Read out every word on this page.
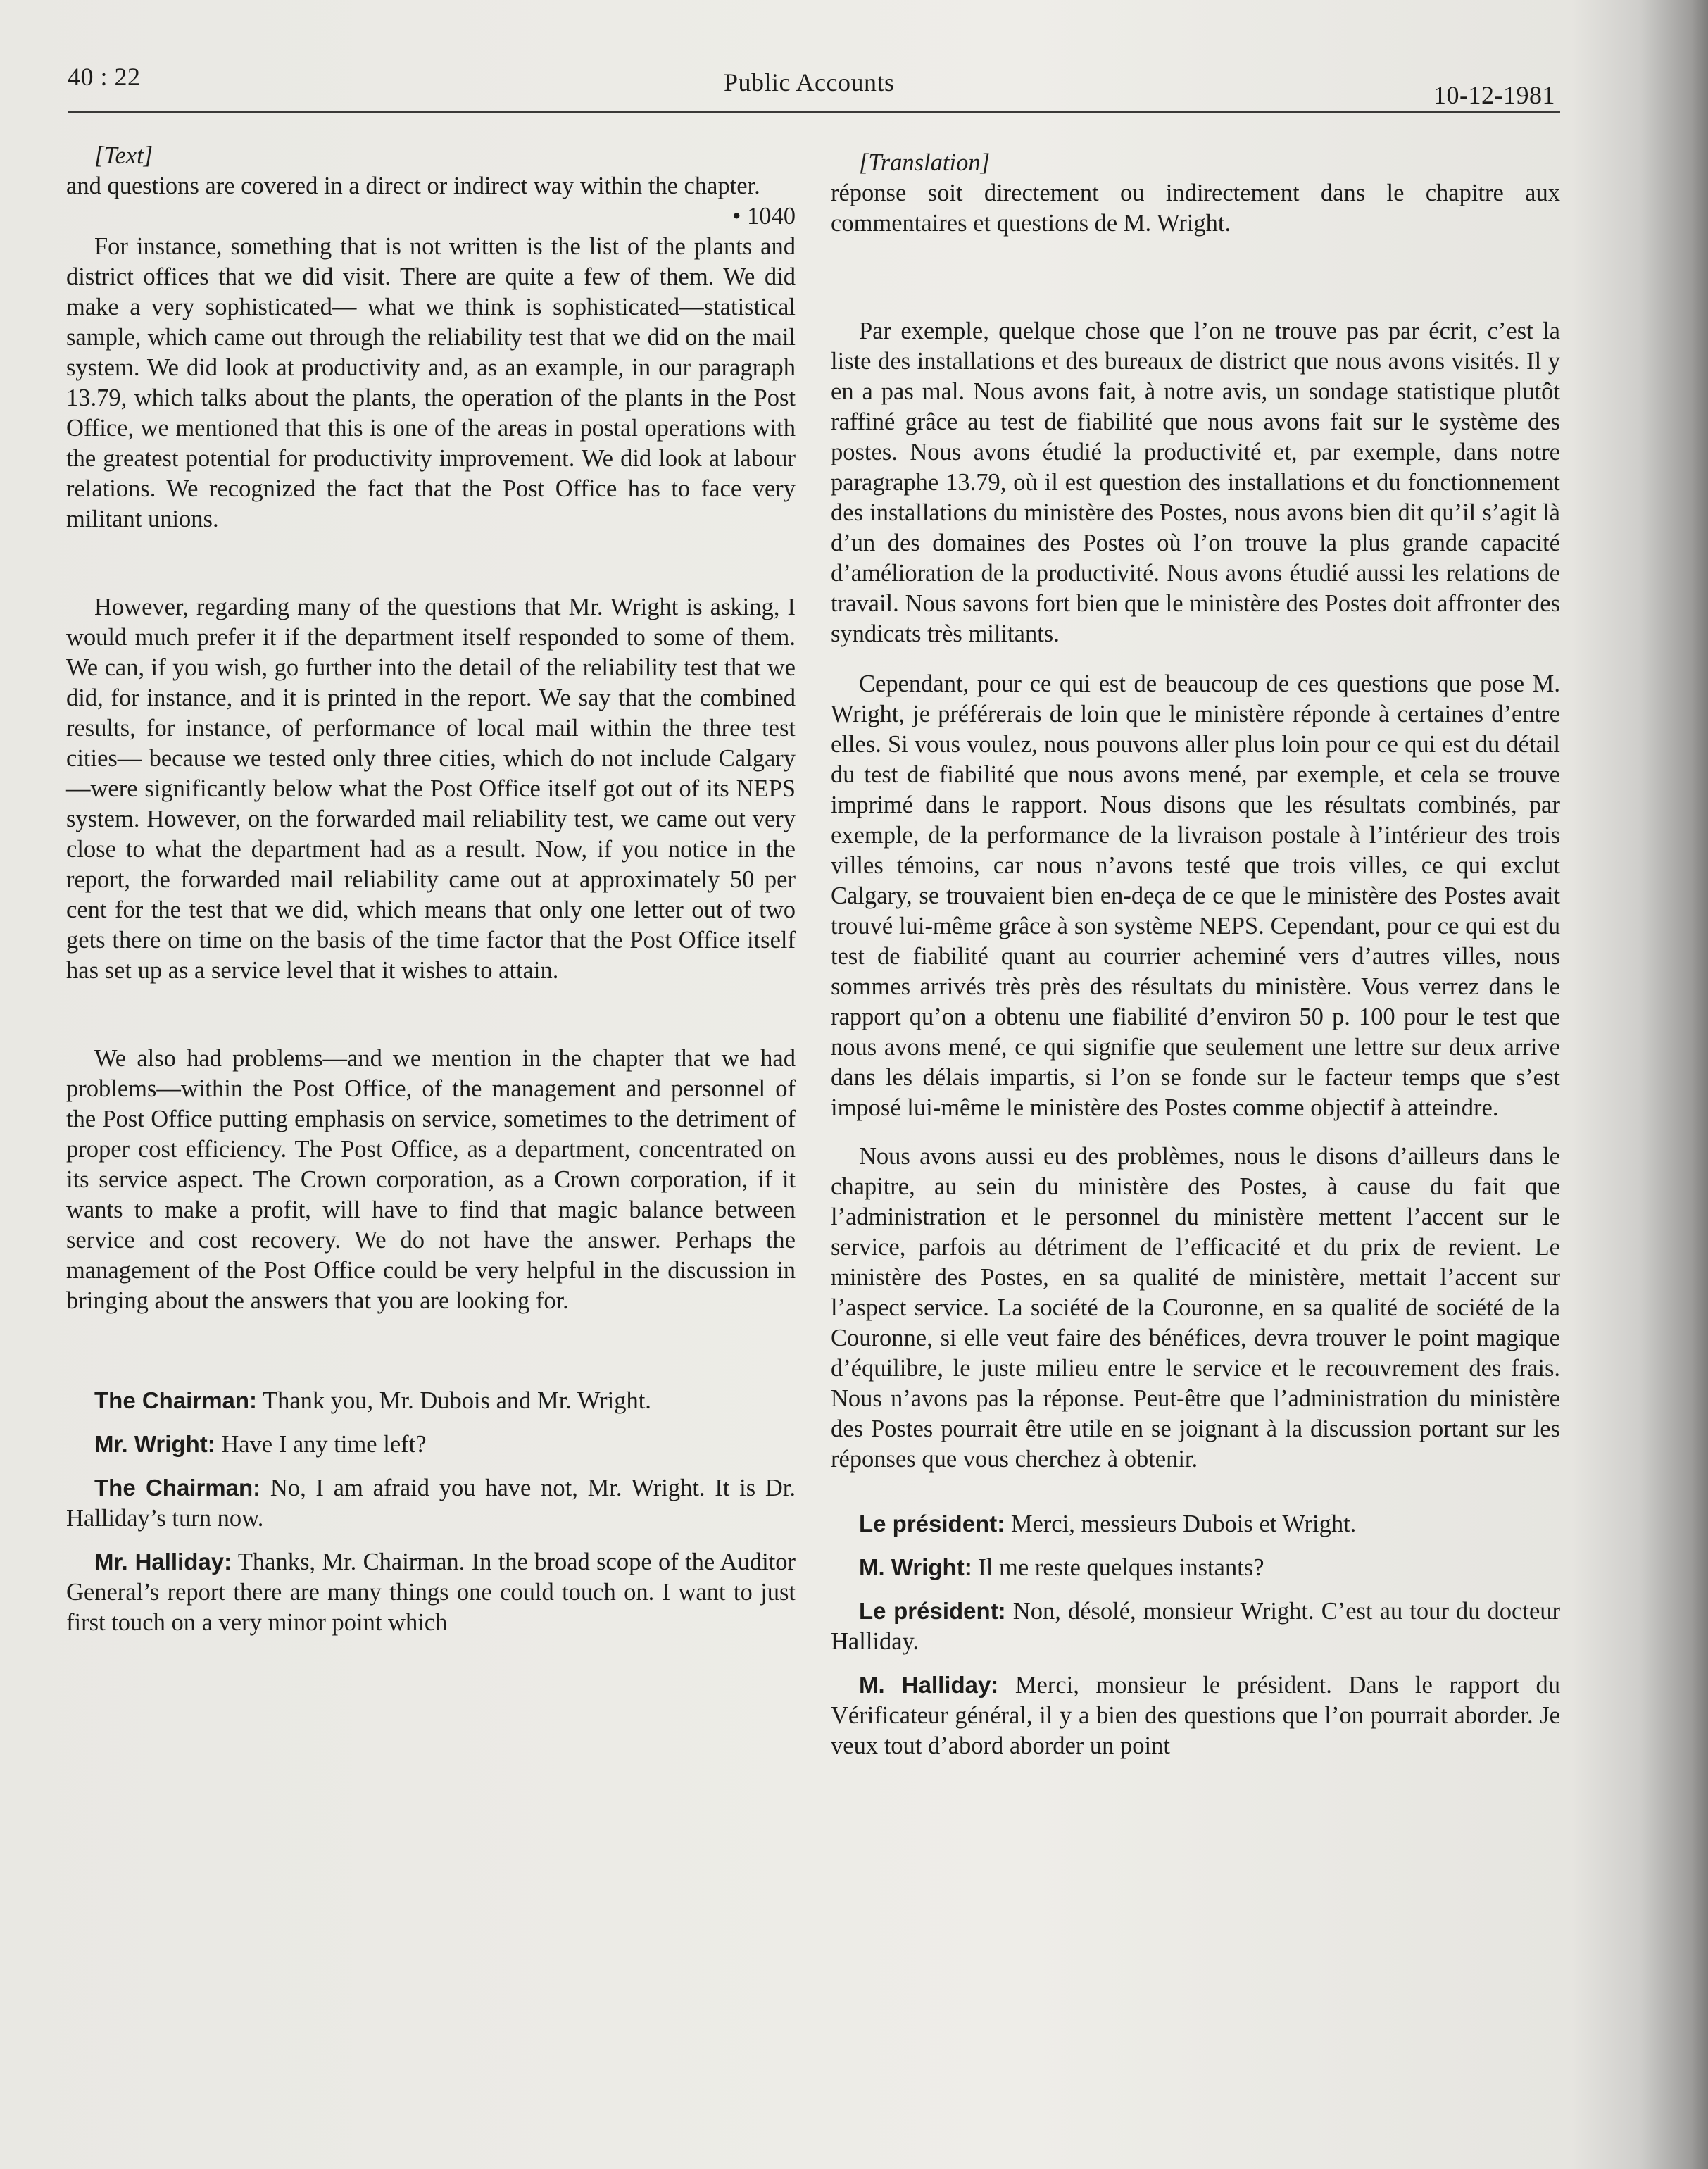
40 : 22	Public Accounts	10-12-1981

[Text]

and questions are covered in a direct or indirect way within the chapter.

• 1040

For instance, something that is not written is the list of the plants and district offices that we did visit. There are quite a few of them. We did make a very sophisticated— what we think is sophisticated—statistical sample, which came out through the reliability test that we did on the mail system. We did look at productivity and, as an example, in our paragraph 13.79, which talks about the plants, the operation of the plants in the Post Office, we mentioned that this is one of the areas in postal operations with the greatest potential for productivity improvement. We did look at labour relations. We recognized the fact that the Post Office has to face very militant unions.

However, regarding many of the questions that Mr. Wright is asking, I would much prefer it if the department itself responded to some of them. We can, if you wish, go further into the detail of the reliability test that we did, for instance, and it is printed in the report. We say that the combined results, for instance, of performance of local mail within the three test cities— because we tested only three cities, which do not include Calgary—were significantly below what the Post Office itself got out of its NEPS system. However, on the forwarded mail reliability test, we came out very close to what the department had as a result. Now, if you notice in the report, the forwarded mail reliability came out at approximately 50 per cent for the test that we did, which means that only one letter out of two gets there on time on the basis of the time factor that the Post Office itself has set up as a service level that it wishes to attain.

We also had problems—and we mention in the chapter that we had problems—within the Post Office, of the management and personnel of the Post Office putting emphasis on service, sometimes to the detriment of proper cost efficiency. The Post Office, as a department, concentrated on its service aspect. The Crown corporation, as a Crown corporation, if it wants to make a profit, will have to find that magic balance between service and cost recovery. We do not have the answer. Perhaps the management of the Post Office could be very helpful in the discussion in bringing about the answers that you are looking for.

The Chairman: Thank you, Mr. Dubois and Mr. Wright.

Mr. Wright: Have I any time left?

The Chairman: No, I am afraid you have not, Mr. Wright. It is Dr. Halliday’s turn now.

Mr. Halliday: Thanks, Mr. Chairman. In the broad scope of the Auditor General’s report there are many things one could touch on. I want to just first touch on a very minor point which

[Translation]

réponse soit directement ou indirectement dans le chapitre aux commentaires et questions de M. Wright.

Par exemple, quelque chose que l’on ne trouve pas par écrit, c’est la liste des installations et des bureaux de district que nous avons visités. Il y en a pas mal. Nous avons fait, à notre avis, un sondage statistique plutôt raffiné grâce au test de fiabilité que nous avons fait sur le système des postes. Nous avons étudié la productivité et, par exemple, dans notre paragraphe 13.79, où il est question des installations et du fonctionnement des installations du ministère des Postes, nous avons bien dit qu’il s’agit là d’un des domaines des Postes où l’on trouve la plus grande capacité d’amélioration de la productivité. Nous avons étudié aussi les relations de travail. Nous savons fort bien que le ministère des Postes doit affronter des syndicats très militants.

Cependant, pour ce qui est de beaucoup de ces questions que pose M. Wright, je préférerais de loin que le ministère réponde à certaines d’entre elles. Si vous voulez, nous pouvons aller plus loin pour ce qui est du détail du test de fiabilité que nous avons mené, par exemple, et cela se trouve imprimé dans le rapport. Nous disons que les résultats combinés, par exemple, de la performance de la livraison postale à l’intérieur des trois villes témoins, car nous n’avons testé que trois villes, ce qui exclut Calgary, se trouvaient bien en-deça de ce que le ministère des Postes avait trouvé lui-même grâce à son système NEPS. Cependant, pour ce qui est du test de fiabilité quant au courrier acheminé vers d’autres villes, nous sommes arrivés très près des résultats du ministère. Vous verrez dans le rapport qu’on a obtenu une fiabilité d’environ 50 p. 100 pour le test que nous avons mené, ce qui signifie que seulement une lettre sur deux arrive dans les délais impartis, si l’on se fonde sur le facteur temps que s’est imposé lui-même le ministère des Postes comme objectif à atteindre.

Nous avons aussi eu des problèmes, nous le disons d’ailleurs dans le chapitre, au sein du ministère des Postes, à cause du fait que l’administration et le personnel du ministère mettent l’accent sur le service, parfois au détriment de l’efficacité et du prix de revient. Le ministère des Postes, en sa qualité de ministère, mettait l’accent sur l’aspect service. La société de la Couronne, en sa qualité de société de la Couronne, si elle veut faire des bénéfices, devra trouver le point magique d’équilibre, le juste milieu entre le service et le recouvrement des frais. Nous n’avons pas la réponse. Peut-être que l’administration du ministère des Postes pourrait être utile en se joignant à la discussion portant sur les réponses que vous cherchez à obtenir.

Le président: Merci, messieurs Dubois et Wright.

M. Wright: Il me reste quelques instants?

Le président: Non, désolé, monsieur Wright. C’est au tour du docteur Halliday.

M. Halliday: Merci, monsieur le président. Dans le rapport du Vérificateur général, il y a bien des questions que l’on pourrait aborder. Je veux tout d’abord aborder un point
